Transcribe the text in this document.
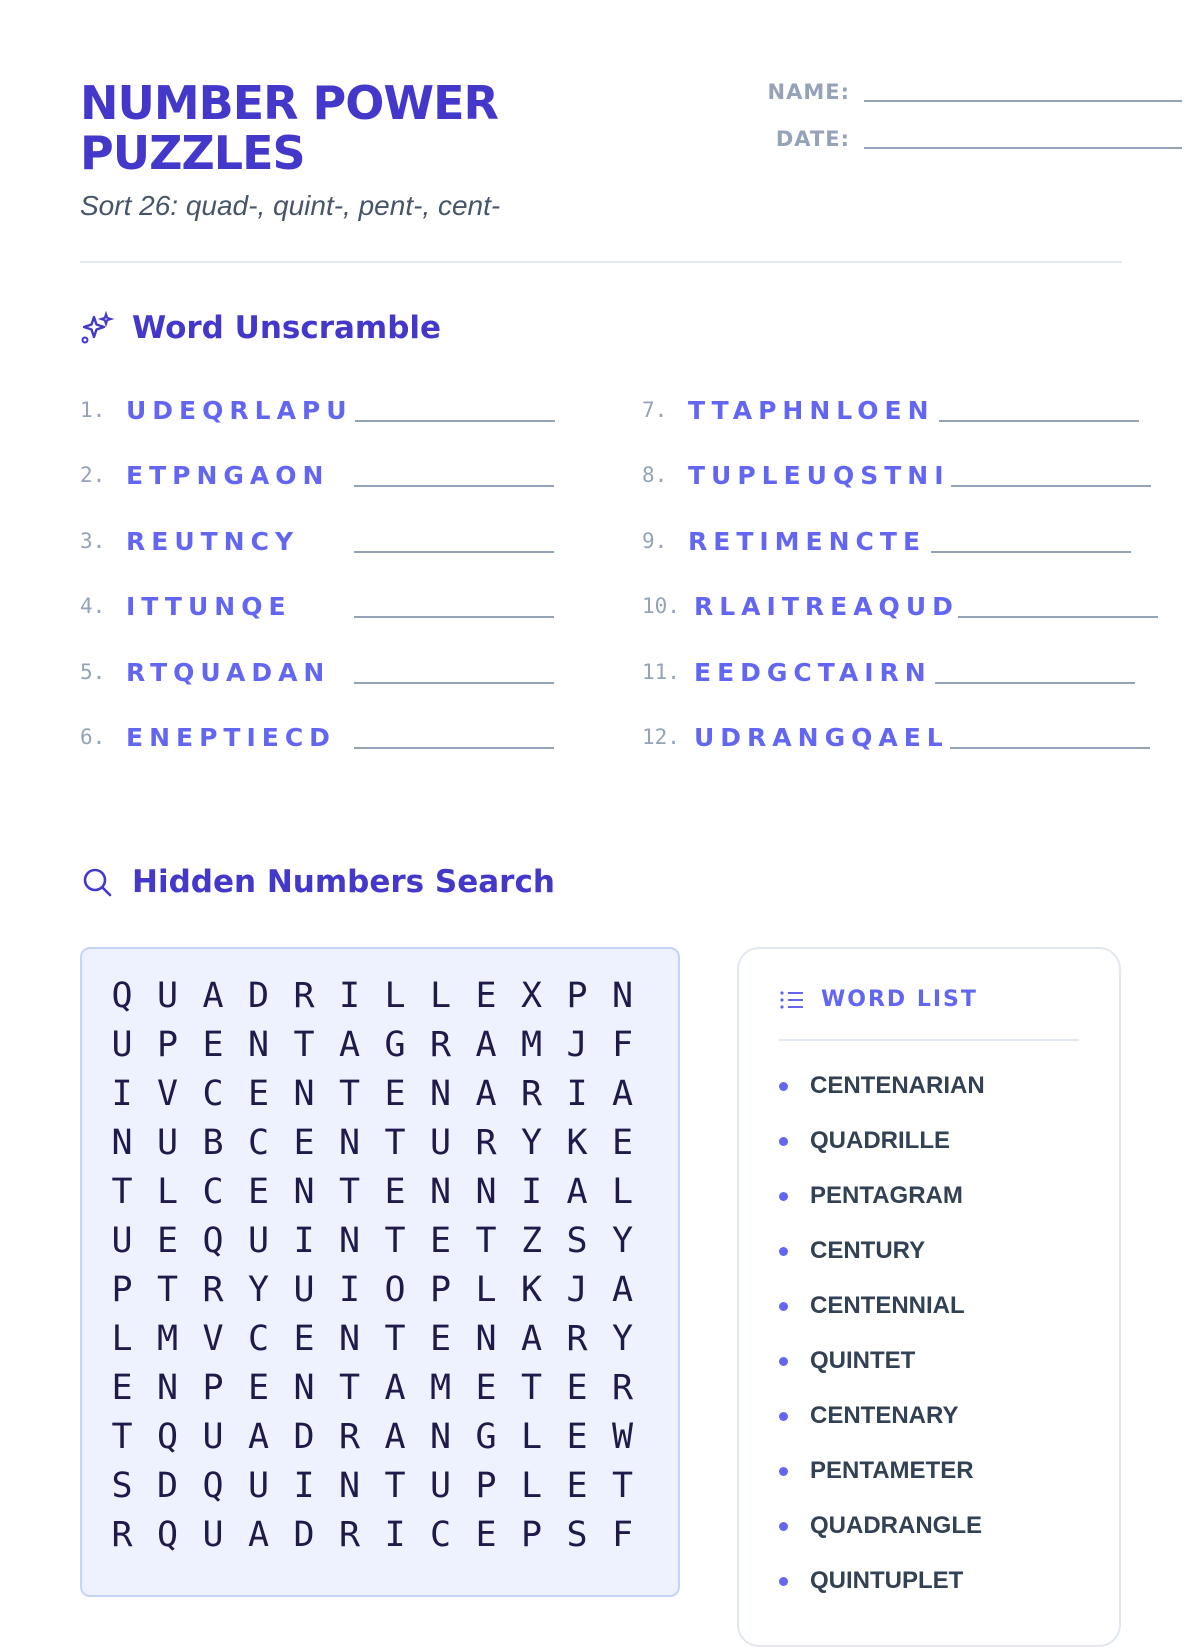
NUMBER POWER PUZZLES
Sort 26: quad-, quint-, pent-, cent-
NAME:
DATE:
Word Unscramble
1. UDEQRLAPU
2. ETPNGAON
3. REUTNCY
4. ITTUNQE
5. RTQUADAN
6. ENEPTIECD
7. TTAPHNLOEN
8. TUPLEUQSTNI
9. RETIMENCTE
10. RLAITREAQUD
11. EEDGCTAIRN
12. UDRANGQAEL
Hidden Numbers Search
Q U A D R I L L E X P N
U P E N T A G R A M J F
I V C E N T E N A R I A
N U B C E N T U R Y K E
T L C E N T E N N I A L
U E Q U I N T E T Z S Y
P T R Y U I O P L K J A
L M V C E N T E N A R Y
E N P E N T A M E T E R
T Q U A D R A N G L E W
S D Q U I N T U P L E T
R Q U A D R I C E P S F
WORD LIST
CENTENARIAN
QUADRILLE
PENTAGRAM
CENTURY
CENTENNIAL
QUINTET
CENTENARY
PENTAMETER
QUADRANGLE
QUINTUPLET
